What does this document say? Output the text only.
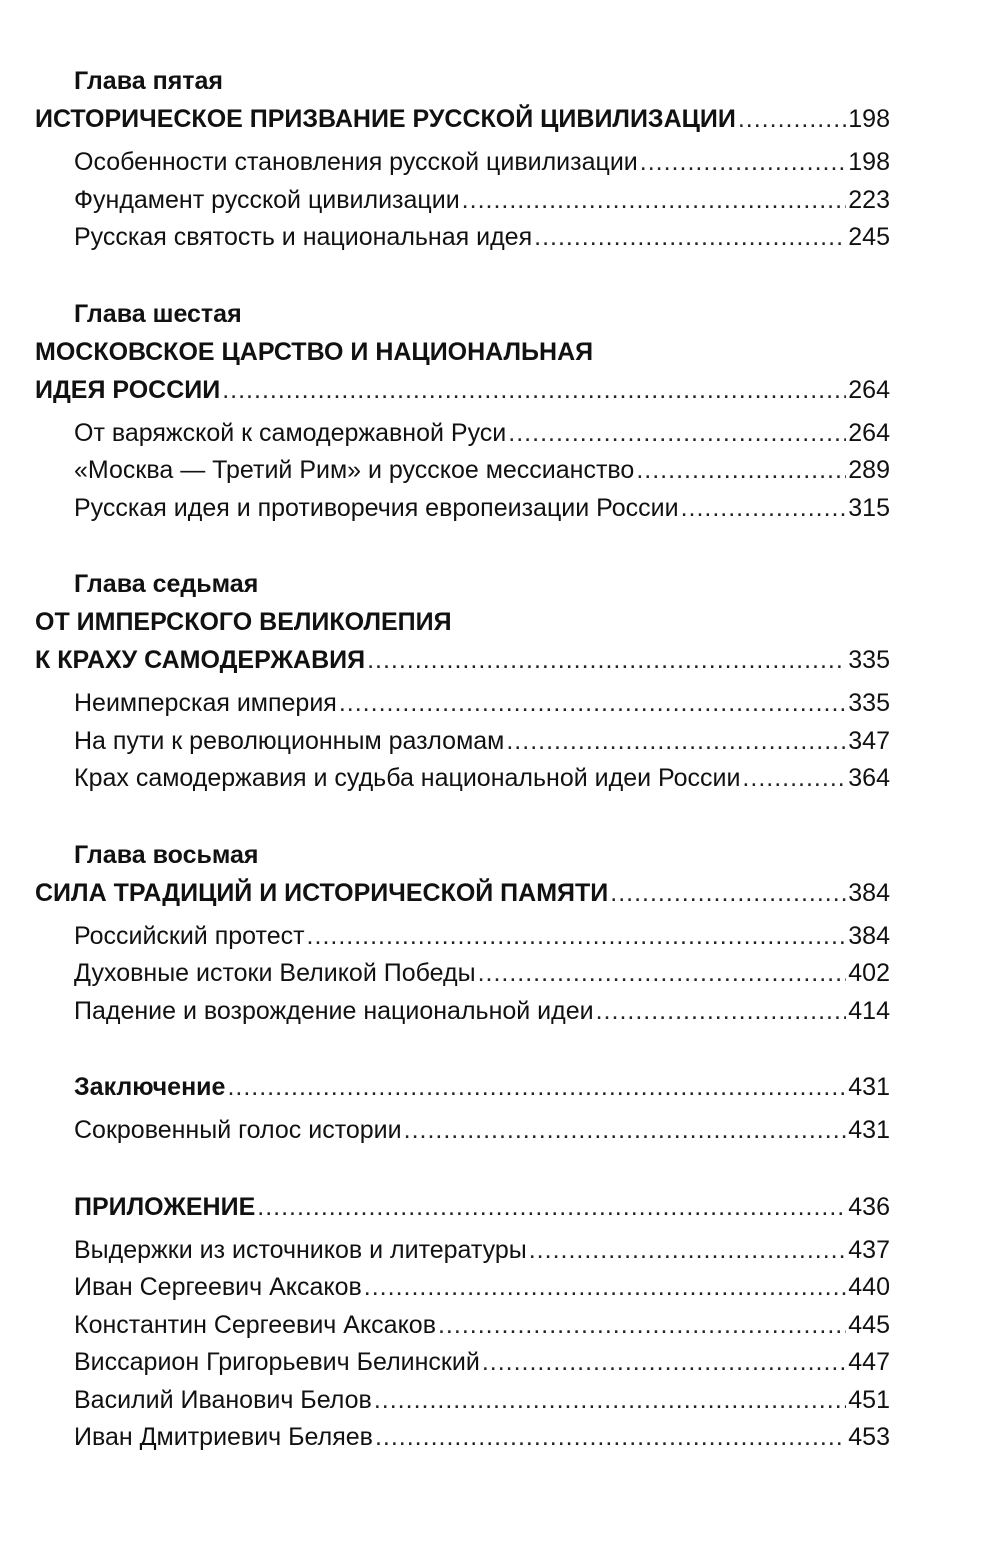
Глава пятая
ИСТОРИЧЕСКОЕ ПРИЗВАНИЕ РУССКОЙ ЦИВИЛИЗАЦИИ .....	198
Особенности становления русской цивилизации .....	198
Фундамент русской цивилизации .....	223
Русская святость и национальная идея .....	245
Глава шестая
МОСКОВСКОЕ ЦАРСТВО И НАЦИОНАЛЬНАЯ
ИДЕЯ РОССИИ .....	264
От варяжской к самодержавной Руси .....	264
«Москва — Третий Рим» и русское мессианство .....	289
Русская идея и противоречия европеизации России .....	315
Глава седьмая
ОТ ИМПЕРСКОГО ВЕЛИКОЛЕПИЯ
К КРАХУ САМОДЕРЖАВИЯ .....	335
Неимперская империя .....	335
На пути к революционным разломам .....	347
Крах самодержавия и судьба национальной идеи России .....	364
Глава восьмая
СИЛА ТРАДИЦИЙ И ИСТОРИЧЕСКОЙ ПАМЯТИ .....	384
Российский протест .....	384
Духовные истоки Великой Победы .....	402
Падение и возрождение национальной идеи .....	414
Заключение .....	431
Сокровенный голос истории .....	431
ПРИЛОЖЕНИЕ .....	436
Выдержки из источников и литературы .....	437
Иван Сергеевич Аксаков .....	440
Константин Сергеевич Аксаков .....	445
Виссарион Григорьевич Белинский .....	447
Василий Иванович Белов .....	451
Иван Дмитриевич Беляев .....	453
